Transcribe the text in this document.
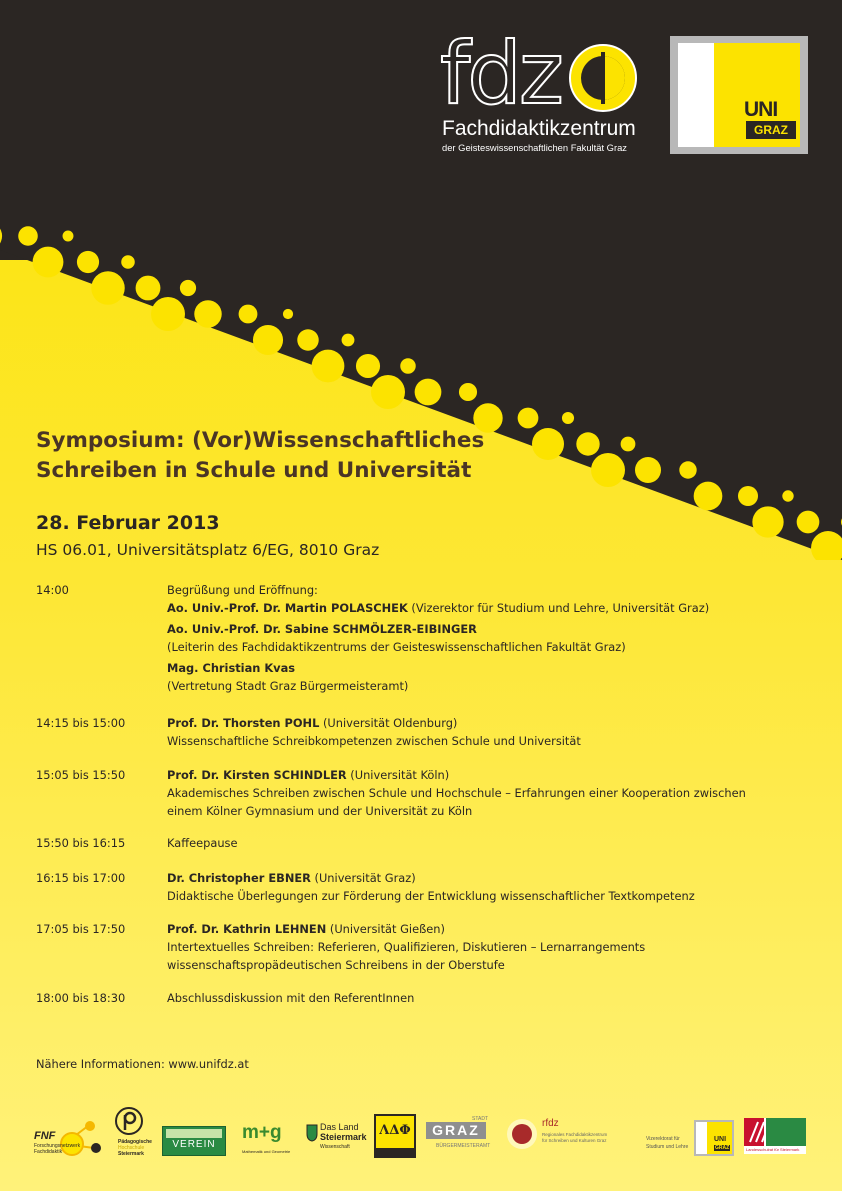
fdz
Fachdidaktikzentrum
der Geisteswissenschaftlichen Fakultät Graz
UNI
GRAZ
Symposium: (Vor)Wissenschaftliches
Schreiben in Schule und Universität
28. Februar 2013
HS 06.01, Universitätsplatz 6/EG, 8010 Graz
14:00	Begrüßung und Eröffnung:
Ao. Univ.-Prof. Dr. Martin POLASCHEK (Vizerektor für Studium und Lehre, Universität Graz)
Ao. Univ.-Prof. Dr. Sabine SCHMÖLZER-EIBINGER
(Leiterin des Fachdidaktikzentrums der Geisteswissenschaftlichen Fakultät Graz)
Mag. Christian Kvas
(Vertretung Stadt Graz Bürgermeisteramt)
14:15 bis 15:00	Prof. Dr. Thorsten POHL (Universität Oldenburg)
Wissenschaftliche Schreibkompetenzen zwischen Schule und Universität
15:05 bis 15:50	Prof. Dr. Kirsten SCHINDLER (Universität Köln)
Akademisches Schreiben zwischen Schule und Hochschule – Erfahrungen einer Kooperation zwischen
einem Kölner Gymnasium und der Universität zu Köln
15:50 bis 16:15	Kaffeepause
16:15 bis 17:00	Dr. Christopher EBNER (Universität Graz)
Didaktische Überlegungen zur Förderung der Entwicklung wissenschaftlicher Textkompetenz
17:05 bis 17:50	Prof. Dr. Kathrin LEHNEN (Universität Gießen)
Intertextuelles Schreiben: Referieren, Qualifizieren, Diskutieren – Lernarrangements
wissenschaftspropädeutischen Schreibens in der Oberstufe
18:00 bis 18:30	Abschlussdiskussion mit den ReferentInnen
Nähere Informationen: www.unifdz.at
FNF
Forschungsnetzwerk
Fachdidaktik
Pädagogische
Hochschule
Steiermark
VEREIN
m+g
Mathematik und Geometrie
Das Land
Steiermark
Wissenschaft
ΛΔΦ
STADT
GRAZ
BÜRGERMEISTERAMT
rfdz
Regionales Fachdidaktikzentrum
für Schreiben und Kulturen Graz	Vizerektorat für
Studium und Lehre
UNI
GRAZ	Landesschulrat für Steiermark
